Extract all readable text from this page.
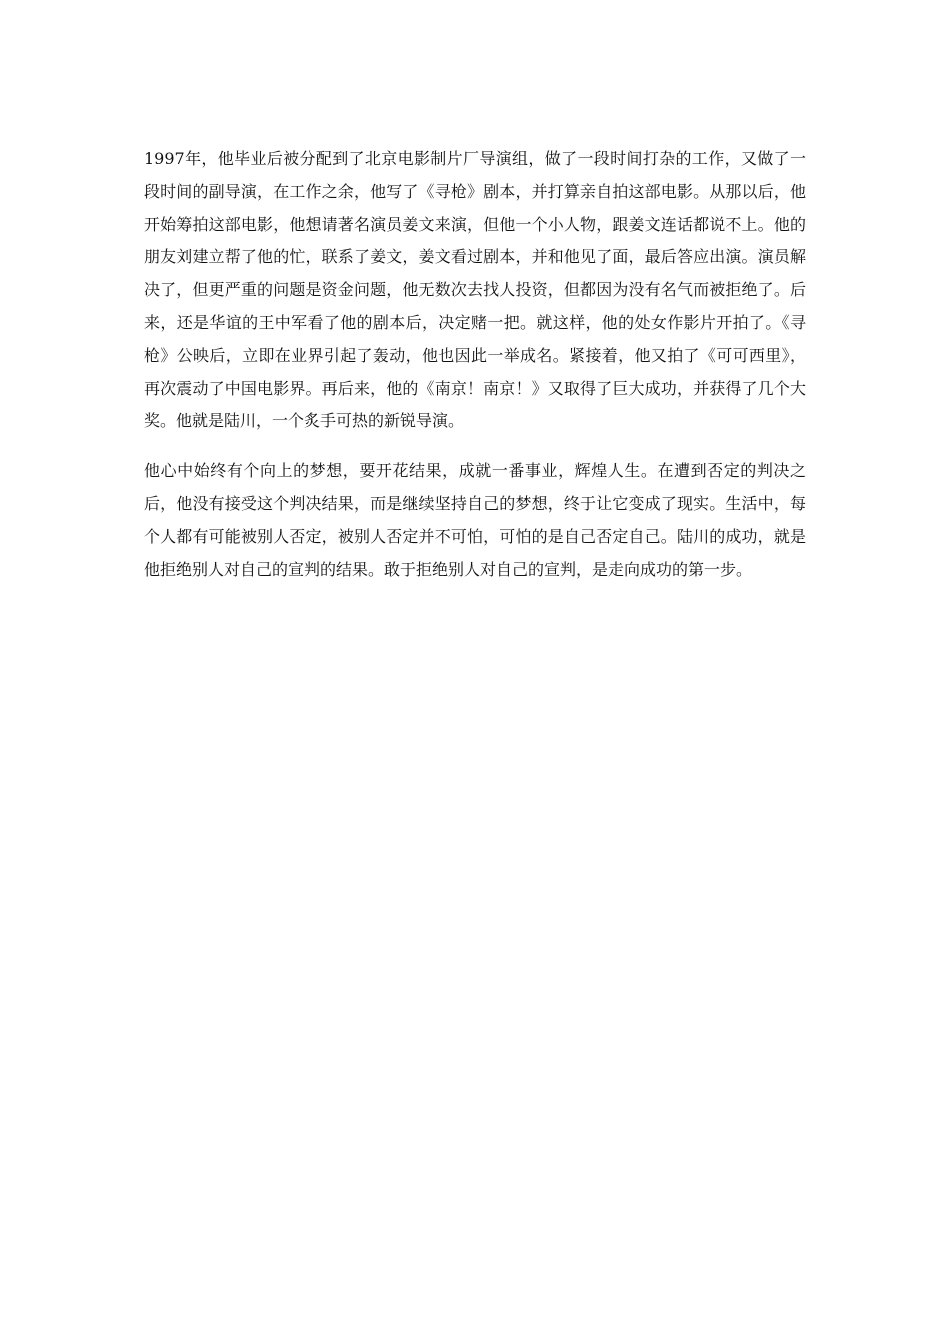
1997年，他毕业后被分配到了北京电影制片厂导演组，做了一段时间打杂的工作，又做了一段时间的副导演，在工作之余，他写了《寻枪》剧本，并打算亲自拍这部电影。从那以后，他开始筹拍这部电影，他想请著名演员姜文来演，但他一个小人物，跟姜文连话都说不上。他的朋友刘建立帮了他的忙，联系了姜文，姜文看过剧本，并和他见了面，最后答应出演。演员解决了，但更严重的问题是资金问题，他无数次去找人投资，但都因为没有名气而被拒绝了。后来，还是华谊的王中军看了他的剧本后，决定赌一把。就这样，他的处女作影片开拍了。《寻枪》公映后，立即在业界引起了轰动，他也因此一举成名。紧接着，他又拍了《可可西里》，再次震动了中国电影界。再后来，他的《南京！南京！》又取得了巨大成功，并获得了几个大奖。他就是陆川，一个炙手可热的新锐导演。

他心中始终有个向上的梦想，要开花结果，成就一番事业，辉煌人生。在遭到否定的判决之后，他没有接受这个判决结果，而是继续坚持自己的梦想，终于让它变成了现实。生活中，每个人都有可能被别人否定，被别人否定并不可怕，可怕的是自己否定自己。陆川的成功，就是他拒绝别人对自己的宣判的结果。敢于拒绝别人对自己的宣判，是走向成功的第一步。
